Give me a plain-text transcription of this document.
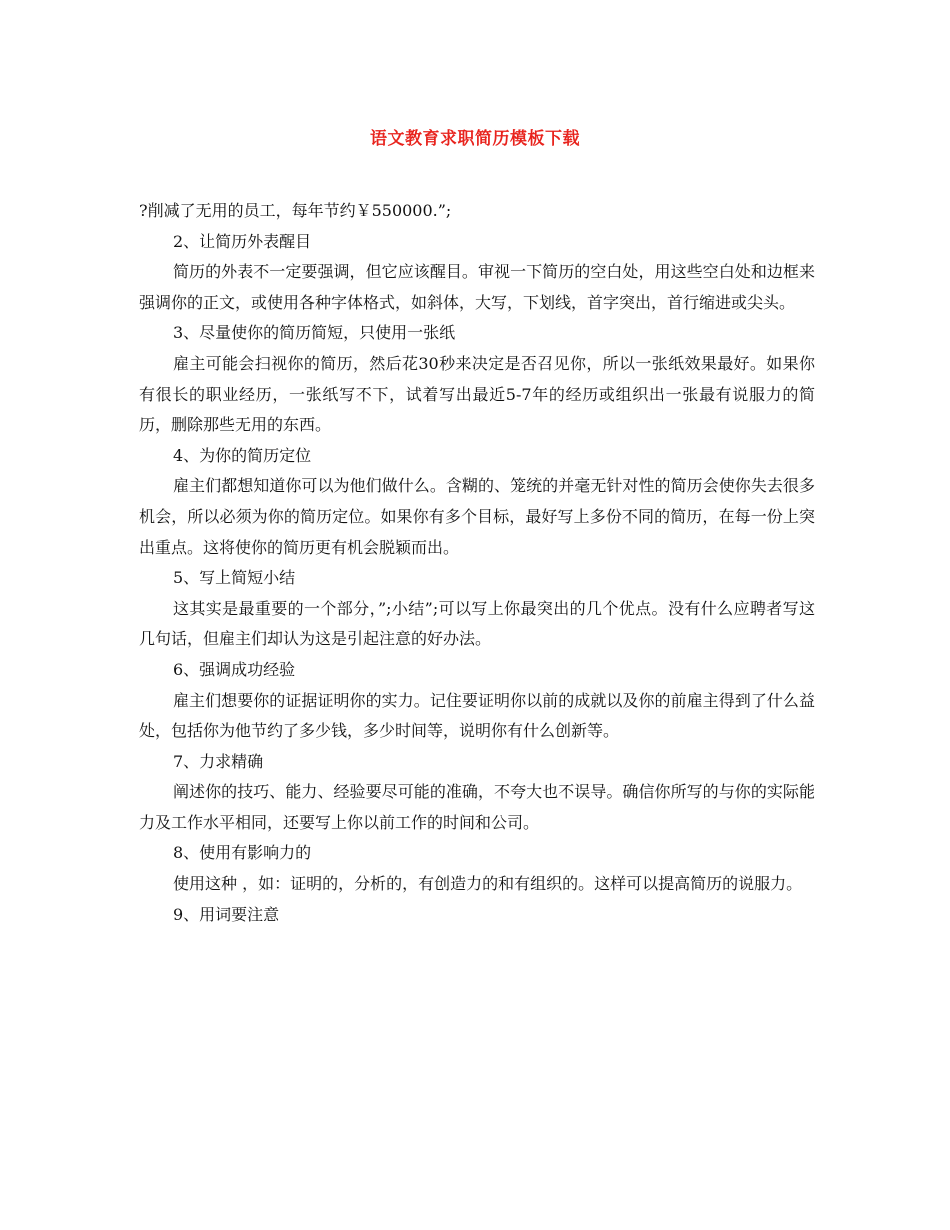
语文教育求职简历模板下载

?削减了无用的员工，每年节约￥550000.”;

2、让简历外表醒目

简历的外表不一定要强调，但它应该醒目。审视一下简历的空白处，用这些空白处和边框来强调你的正文，或使用各种字体格式，如斜体，大写，下划线，首字突出，首行缩进或尖头。

3、尽量使你的简历简短，只使用一张纸

雇主可能会扫视你的简历，然后花30秒来决定是否召见你，所以一张纸效果最好。如果你有很长的职业经历，一张纸写不下，试着写出最近5-7年的经历或组织出一张最有说服力的简历，删除那些无用的东西。

4、为你的简历定位

雇主们都想知道你可以为他们做什么。含糊的、笼统的并毫无针对性的简历会使你失去很多机会，所以必须为你的简历定位。如果你有多个目标，最好写上多份不同的简历，在每一份上突出重点。这将使你的简历更有机会脱颖而出。

5、写上简短小结

这其实是最重要的一个部分，”;小结”;可以写上你最突出的几个优点。没有什么应聘者写这几句话，但雇主们却认为这是引起注意的好办法。

6、强调成功经验

雇主们想要你的证据证明你的实力。记住要证明你以前的成就以及你的前雇主得到了什么益处，包括你为他节约了多少钱，多少时间等，说明你有什么创新等。

7、力求精确

阐述你的技巧、能力、经验要尽可能的准确，不夸大也不误导。确信你所写的与你的实际能力及工作水平相同，还要写上你以前工作的时间和公司。

8、使用有影响力的

使用这种 ，如：证明的，分析的，有创造力的和有组织的。这样可以提高简历的说服力。

9、用词要注意
